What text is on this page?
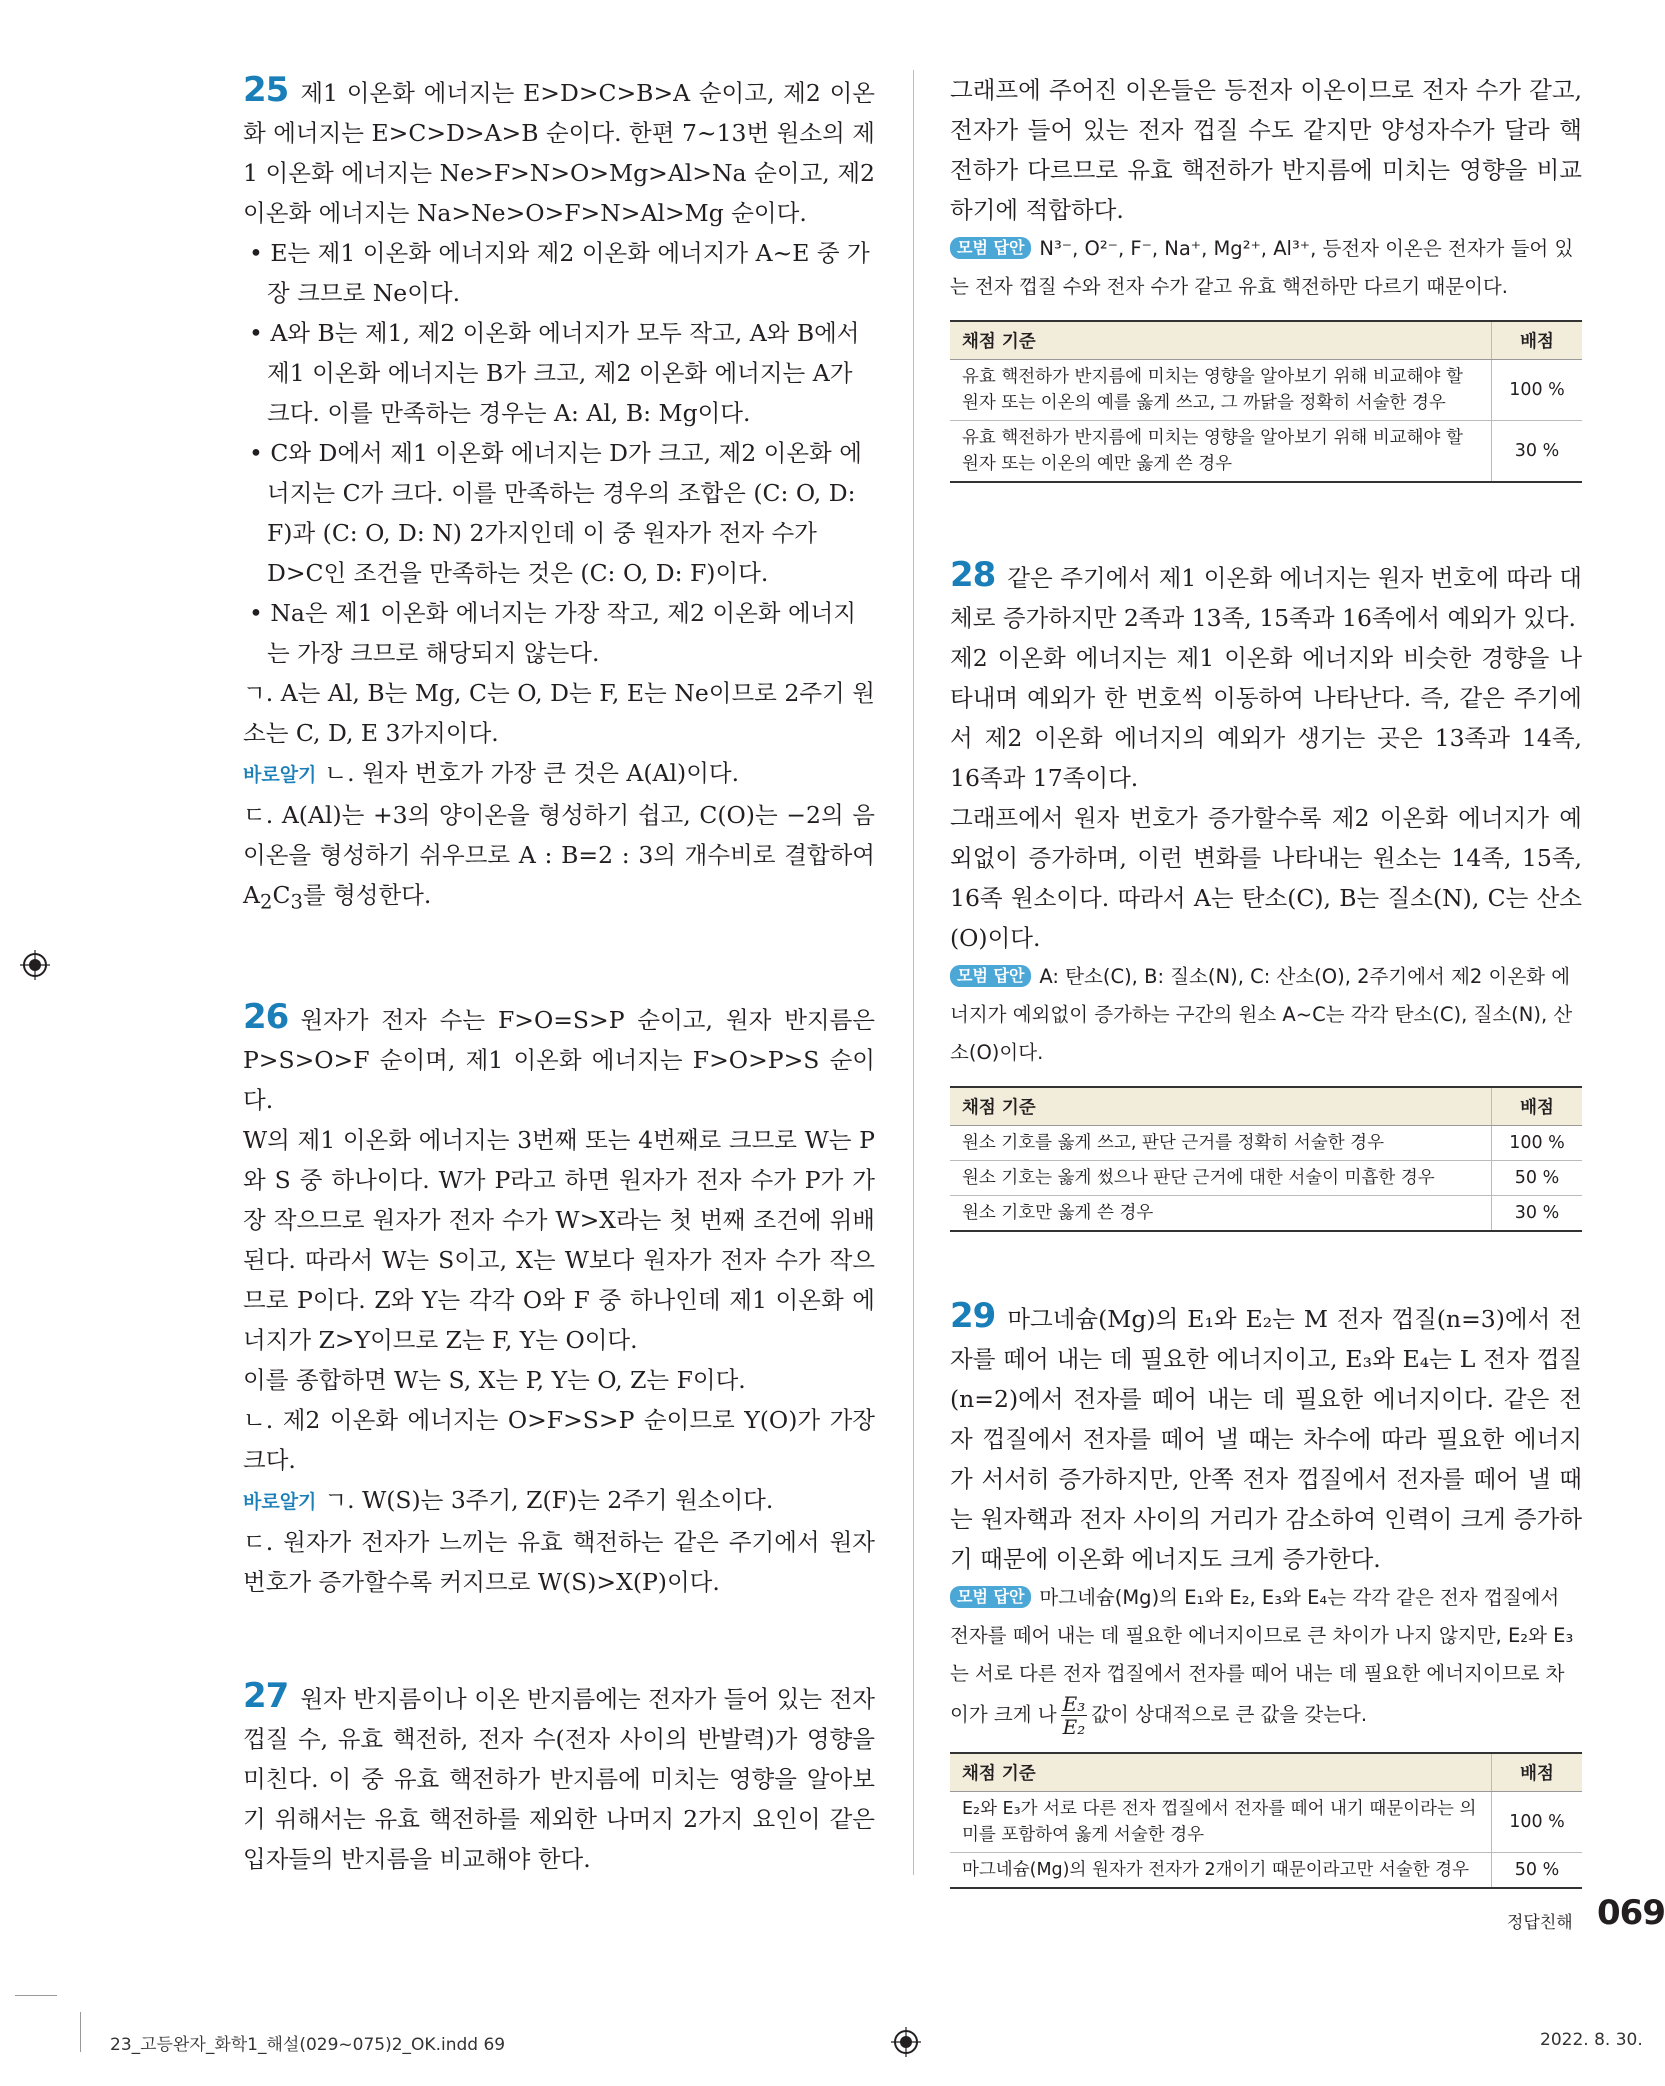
25 제1 이온화 에너지는 E>D>C>B>A 순이고, 제2 이온화 에너지는 E>C>D>A>B 순이다. 한편 7~13번 원소의 제1 이온화 에너지는 Ne>F>N>O>Mg>Al>Na 순이고, 제2 이온화 에너지는 Na>Ne>O>F>N>Al>Mg 순이다.

• E는 제1 이온화 에너지와 제2 이온화 에너지가 A~E 중 가장 크므로 Ne이다.

• A와 B는 제1, 제2 이온화 에너지가 모두 작고, A와 B에서 제1 이온화 에너지는 B가 크고, 제2 이온화 에너지는 A가 크다. 이를 만족하는 경우는 A: Al, B: Mg이다.

• C와 D에서 제1 이온화 에너지는 D가 크고, 제2 이온화 에너지는 C가 크다. 이를 만족하는 경우의 조합은 (C: O, D: F)과 (C: O, D: N) 2가지인데 이 중 원자가 전자 수가 D>C인 조건을 만족하는 것은 (C: O, D: F)이다.

• Na은 제1 이온화 에너지는 가장 작고, 제2 이온화 에너지는 가장 크므로 해당되지 않는다.

ㄱ. A는 Al, B는 Mg, C는 O, D는 F, E는 Ne이므로 2주기 원소는 C, D, E 3가지이다.

바로알기 ㄴ. 원자 번호가 가장 큰 것은 A(Al)이다.

ㄷ. A(Al)는 +3의 양이온을 형성하기 쉽고, C(O)는 −2의 음이온을 형성하기 쉬우므로 A : B=2 : 3의 개수비로 결합하여 $A_2C_3$를 형성한다.

26 원자가 전자 수는 F>O=S>P 순이고, 원자 반지름은 P>S>O>F 순이며, 제1 이온화 에너지는 F>O>P>S 순이다.

W의 제1 이온화 에너지는 3번째 또는 4번째로 크므로 W는 P와 S 중 하나이다. W가 P라고 하면 원자가 전자 수가 P가 가장 작으므로 원자가 전자 수가 W>X라는 첫 번째 조건에 위배된다. 따라서 W는 S이고, X는 W보다 원자가 전자 수가 작으므로 P이다. Z와 Y는 각각 O와 F 중 하나인데 제1 이온화 에너지가 Z>Y이므로 Z는 F, Y는 O이다.

이를 종합하면 W는 S, X는 P, Y는 O, Z는 F이다.

ㄴ. 제2 이온화 에너지는 O>F>S>P 순이므로 Y(O)가 가장 크다.

바로알기 ㄱ. W(S)는 3주기, Z(F)는 2주기 원소이다.

ㄷ. 원자가 전자가 느끼는 유효 핵전하는 같은 주기에서 원자 번호가 증가할수록 커지므로 W(S)>X(P)이다.

27 원자 반지름이나 이온 반지름에는 전자가 들어 있는 전자 껍질 수, 유효 핵전하, 전자 수(전자 사이의 반발력)가 영향을 미친다. 이 중 유효 핵전하가 반지름에 미치는 영향을 알아보기 위해서는 유효 핵전하를 제외한 나머지 2가지 요인이 같은 입자들의 반지름을 비교해야 한다.

그래프에 주어진 이온들은 등전자 이온이므로 전자 수가 같고, 전자가 들어 있는 전자 껍질 수도 같지만 양성자수가 달라 핵전하가 다르므로 유효 핵전하가 반지름에 미치는 영향을 비교하기에 적합하다.

모범 답안 N³⁻, O²⁻, F⁻, Na⁺, Mg²⁺, Al³⁺, 등전자 이온은 전자가 들어 있는 전자 껍질 수와 전자 수가 같고 유효 핵전하만 다르기 때문이다.

채점 기준	배점
유효 핵전하가 반지름에 미치는 영향을 알아보기 위해 비교해야 할 원자 또는 이온의 예를 옳게 쓰고, 그 까닭을 정확히 서술한 경우	100 %
유효 핵전하가 반지름에 미치는 영향을 알아보기 위해 비교해야 할 원자 또는 이온의 예만 옳게 쓴 경우	30 %

28 같은 주기에서 제1 이온화 에너지는 원자 번호에 따라 대체로 증가하지만 2족과 13족, 15족과 16족에서 예외가 있다.

제2 이온화 에너지는 제1 이온화 에너지와 비슷한 경향을 나타내며 예외가 한 번호씩 이동하여 나타난다. 즉, 같은 주기에서 제2 이온화 에너지의 예외가 생기는 곳은 13족과 14족, 16족과 17족이다.

그래프에서 원자 번호가 증가할수록 제2 이온화 에너지가 예외없이 증가하며, 이런 변화를 나타내는 원소는 14족, 15족, 16족 원소이다. 따라서 A는 탄소(C), B는 질소(N), C는 산소(O)이다.

모범 답안 A: 탄소(C), B: 질소(N), C: 산소(O), 2주기에서 제2 이온화 에너지가 예외없이 증가하는 구간의 원소 A~C는 각각 탄소(C), 질소(N), 산소(O)이다.

채점 기준	배점
원소 기호를 옳게 쓰고, 판단 근거를 정확히 서술한 경우	100 %
원소 기호는 옳게 썼으나 판단 근거에 대한 서술이 미흡한 경우	50 %
원소 기호만 옳게 쓴 경우	30 %

29 마그네슘(Mg)의 E₁와 E₂는 M 전자 껍질(n=3)에서 전자를 떼어 내는 데 필요한 에너지이고, E₃와 E₄는 L 전자 껍질(n=2)에서 전자를 떼어 내는 데 필요한 에너지이다. 같은 전자 껍질에서 전자를 떼어 낼 때는 차수에 따라 필요한 에너지가 서서히 증가하지만, 안쪽 전자 껍질에서 전자를 떼어 낼 때는 원자핵과 전자 사이의 거리가 감소하여 인력이 크게 증가하기 때문에 이온화 에너지도 크게 증가한다.

모범 답안 마그네슘(Mg)의 E₁와 E₂, E₃와 E₄는 각각 같은 전자 껍질에서 전자를 떼어 내는 데 필요한 에너지이므로 큰 차이가 나지 않지만, E₂와 E₃는 서로 다른 전자 껍질에서 전자를 떼어 내는 데 필요한 에너지이므로 차이가 크게 나 $\frac{\text{E₃}}{\text{E₂}}$ 값이 상대적으로 큰 값을 갖는다.

채점 기준	배점
E₂와 E₃가 서로 다른 전자 껍질에서 전자를 떼어 내기 때문이라는 의미를 포함하여 옳게 서술한 경우	100 %
마그네슘(Mg)의 원자가 전자가 2개이기 때문이라고만 서술한 경우	50 %
정답친해 069
23_고등완자_화학1_해설(029~075)2_OK.indd 69	2022. 8. 30.
